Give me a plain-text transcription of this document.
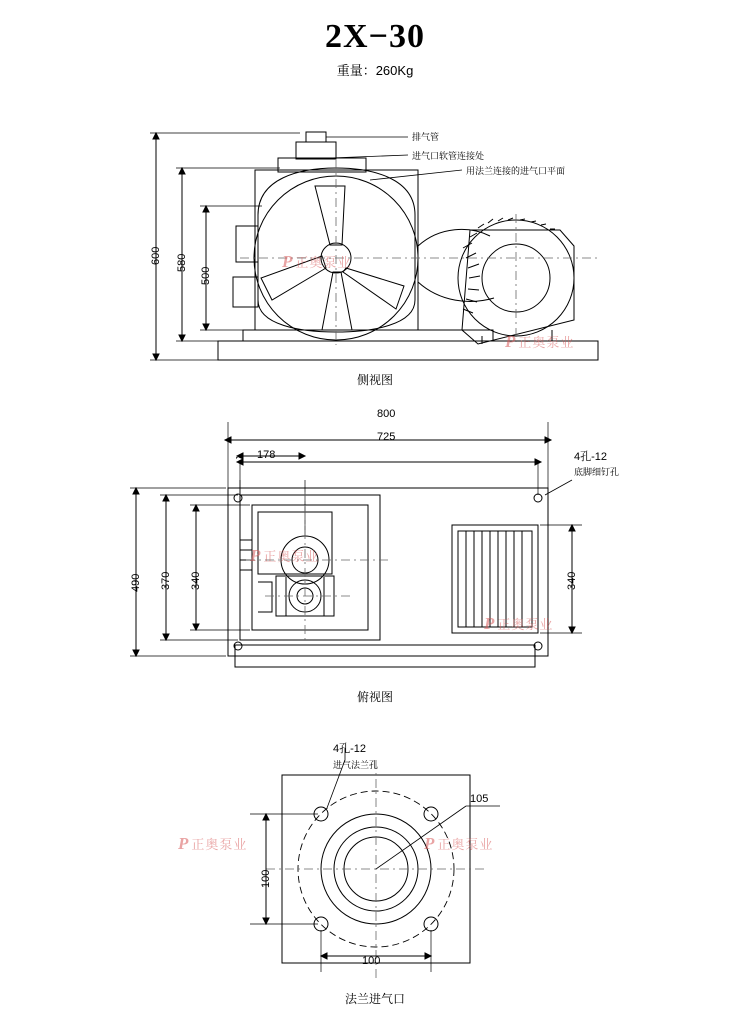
2X−30
重量：260Kg
600 580
500
排气管
进气口软管连接处
用法兰连接的进气口平面
侧视图
800
725
178
490 370 340	340
4孔-12
底脚细钉孔
俯视图
4孔-12
进气法兰孔
105
100
100
法兰进气口
P 正奥泵业
P 正奥泵业
P 正奥泵业
P 正奥泵业
P 正奥泵业	P 正奥泵业
